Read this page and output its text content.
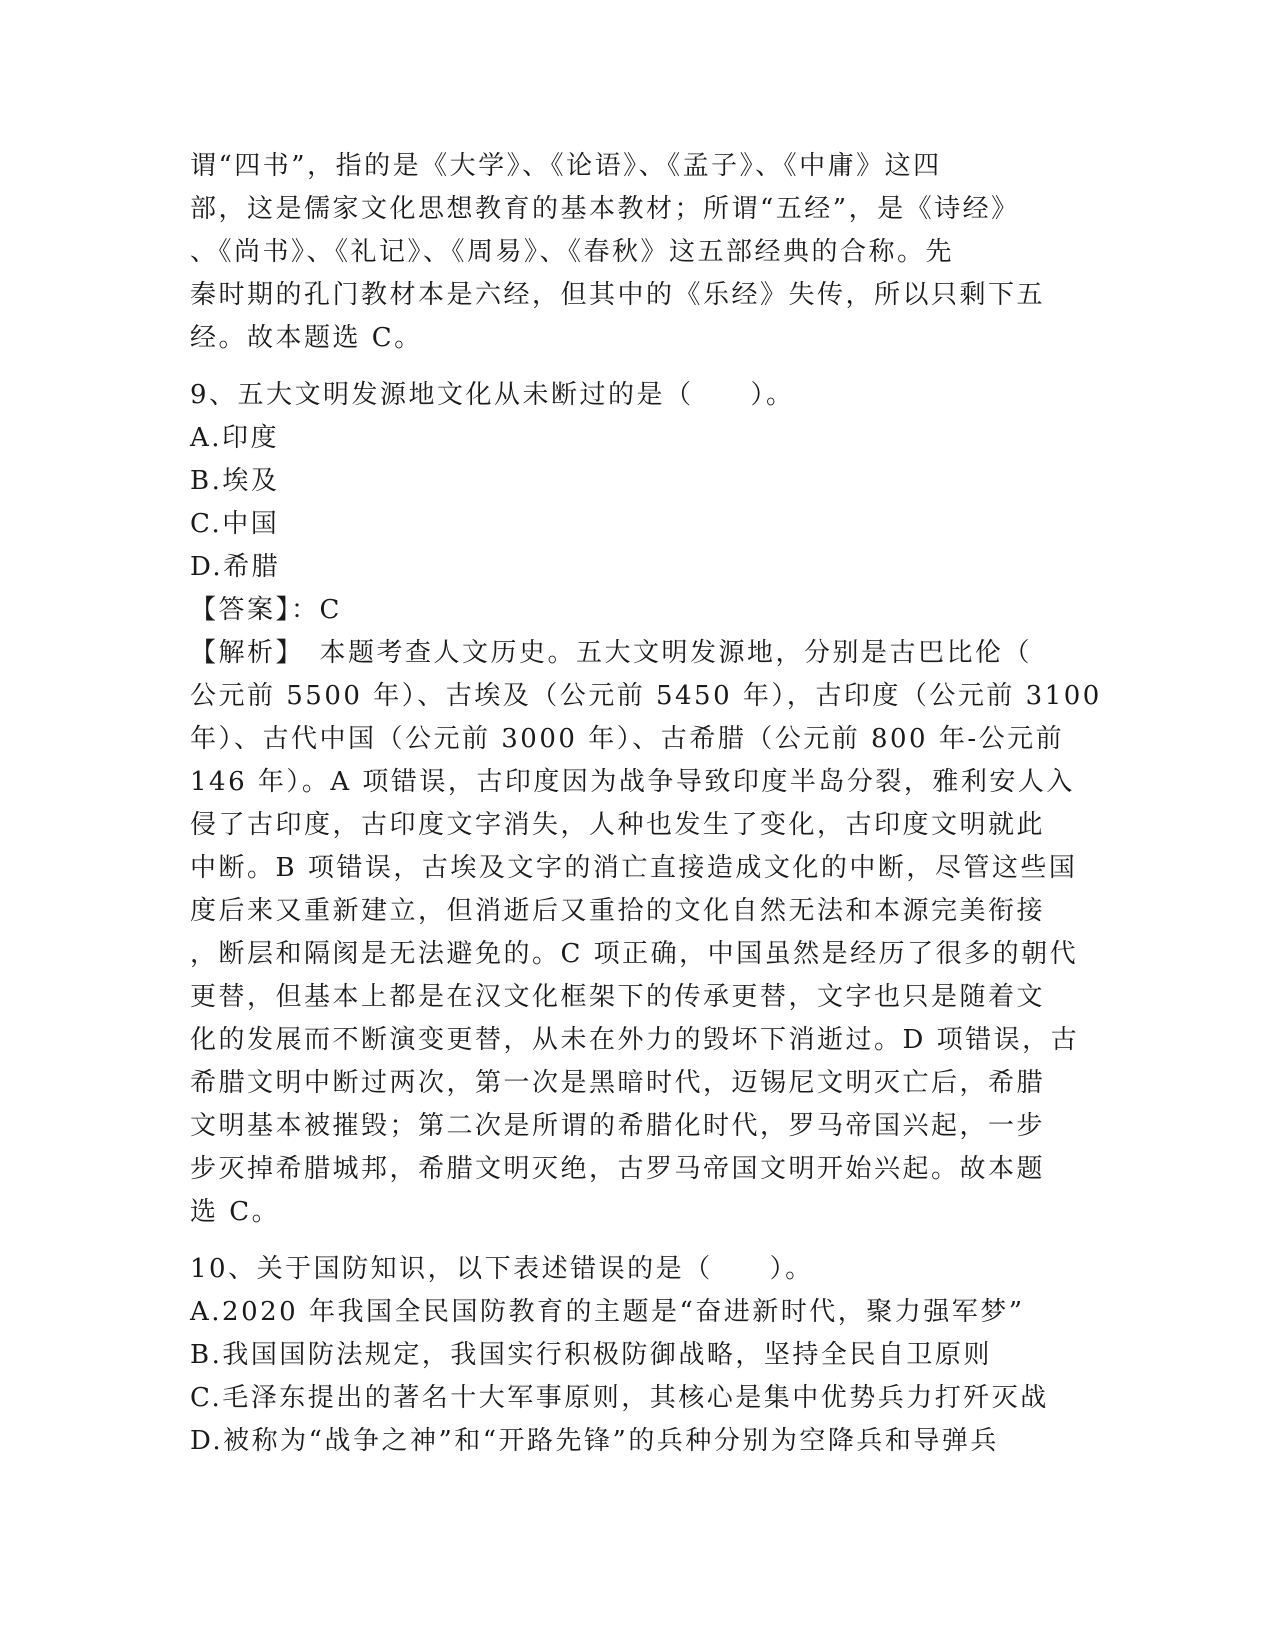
谓“四书”，指的是《大学》、《论语》、《孟子》、《中庸》这四
部，这是儒家文化思想教育的基本教材；所谓“五经”，是《诗经》
、《尚书》、《礼记》、《周易》、《春秋》这五部经典的合称。先
秦时期的孔门教材本是六经，但其中的《乐经》失传，所以只剩下五
经。故本题选 C。
9、五大文明发源地文化从未断过的是（　　）。
A.印度
B.埃及
C.中国
D.希腊
【答案】：C
【解析】　本题考查人文历史。五大文明发源地，分别是古巴比伦（
公元前 5500 年）、古埃及（公元前 5450 年），古印度（公元前 3100
年）、古代中国（公元前 3000 年）、古希腊（公元前 800 年-公元前
146 年）。A 项错误，古印度因为战争导致印度半岛分裂，雅利安人入
侵了古印度，古印度文字消失，人种也发生了变化，古印度文明就此
中断。B 项错误，古埃及文字的消亡直接造成文化的中断，尽管这些国
度后来又重新建立，但消逝后又重拾的文化自然无法和本源完美衔接
，断层和隔阂是无法避免的。C 项正确，中国虽然是经历了很多的朝代
更替，但基本上都是在汉文化框架下的传承更替，文字也只是随着文
化的发展而不断演变更替，从未在外力的毁坏下消逝过。D 项错误，古
希腊文明中断过两次，第一次是黑暗时代，迈锡尼文明灭亡后，希腊
文明基本被摧毁；第二次是所谓的希腊化时代，罗马帝国兴起，一步
步灭掉希腊城邦，希腊文明灭绝，古罗马帝国文明开始兴起。故本题
选 C。
10、关于国防知识，以下表述错误的是（　　）。
A.2020 年我国全民国防教育的主题是“奋进新时代，聚力强军梦”
B.我国国防法规定，我国实行积极防御战略，坚持全民自卫原则
C.毛泽东提出的著名十大军事原则，其核心是集中优势兵力打歼灭战
D.被称为“战争之神”和“开路先锋”的兵种分别为空降兵和导弹兵
